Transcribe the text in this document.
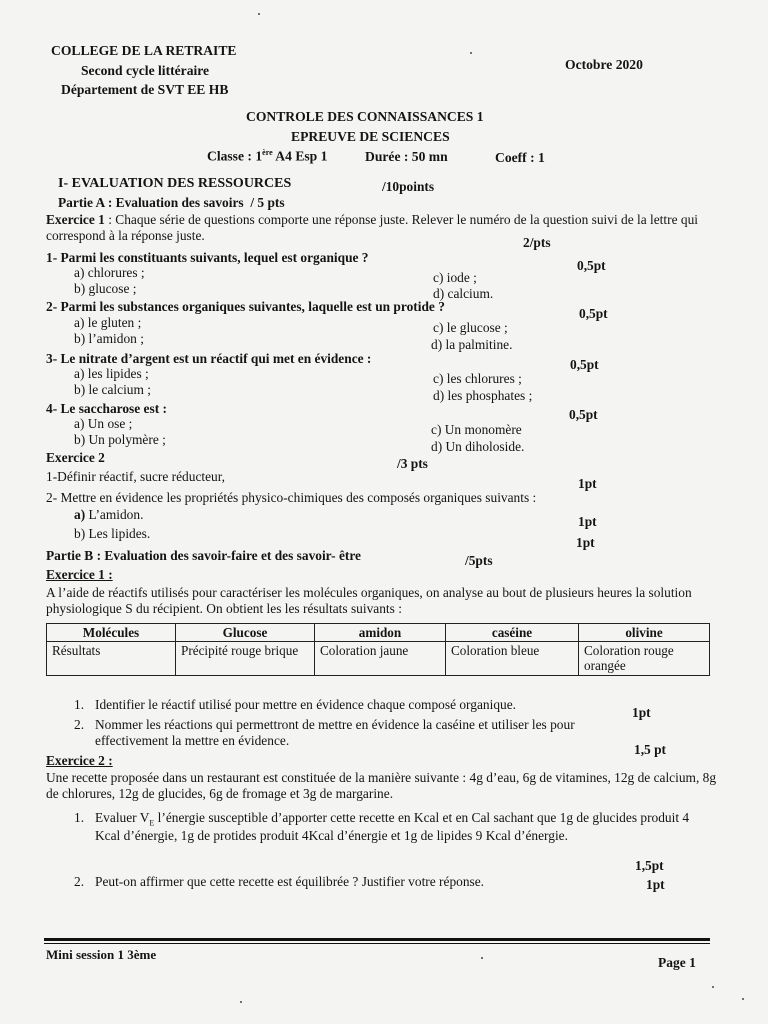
COLLEGE DE LA RETRAITE
Second cycle littéraire
Département de SVT EE HB
Octobre 2020
CONTROLE DES CONNAISSANCES 1
EPREUVE DE SCIENCES
Classe : 1ère A4 Esp 1	Durée : 50 mn	Coeff : 1
I- EVALUATION DES RESSOURCES	/10points
Partie A : Evaluation des savoirs / 5 pts
Exercice 1 : Chaque série de questions comporte une réponse juste. Relever le numéro de la question suivi de la lettre qui correspond à la réponse juste.	2/pts
1- Parmi les constituants suivants, lequel est organique ?
0,5pt
a) chlorures ;
b) glucose ;
c) iode ;
d) calcium.
2- Parmi les substances organiques suivantes, laquelle est un protide ?	0,5pt
a) le gluten ;
b) l’amidon ;
c) le glucose ;
d) la palmitine.
3- Le nitrate d’argent est un réactif qui met en évidence :	0,5pt
a) les lipides ;
b) le calcium ;
c) les chlorures ;
d) les phosphates ;
4- Le saccharose est :	0,5pt
a) Un ose ;
b) Un polymère ;
c) Un monomère
d) Un diholoside.
Exercice 2	/3 pts
1-Définir réactif, sucre réducteur,	1pt
2- Mettre en évidence les propriétés physico-chimiques des composés organiques suivants :
a) L’amidon.	1pt
b) Les lipides.
1pt
Partie B : Evaluation des savoir-faire et des savoir- être	/5pts
Exercice 1 :
A l’aide de réactifs utilisés pour caractériser les molécules organiques, on analyse au bout de plusieurs heures la solution physiologique S du récipient. On obtient les les résultats suivants :
Molécules	Glucose	amidon	caséine	olivine
Résultats	Précipité rouge brique	Coloration jaune	Coloration bleue	Coloration rouge orangée
1. Identifier le réactif utilisé pour mettre en évidence chaque composé organique.
1pt
2. Nommer les réactions qui permettront de mettre en évidence la caséine et utiliser les pour effectivement la mettre en évidence.
1,5 pt
Exercice 2 :
Une recette proposée dans un restaurant est constituée de la manière suivante : 4g d’eau, 6g de vitamines, 12g de calcium, 8g de chlorures, 12g de glucides, 6g de fromage et 3g de margarine.
1. Evaluer $V_E$ l’énergie susceptible d’apporter cette recette en Kcal et en Cal sachant que 1g de glucides produit 4 Kcal d’énergie, 1g de protides produit 4Kcal d’énergie et 1g de lipides 9 Kcal d’énergie.
1,5pt
2. Peut-on affirmer que cette recette est équilibrée ? Justifier votre réponse.	1pt
Mini session 1 3ème
Page 1
